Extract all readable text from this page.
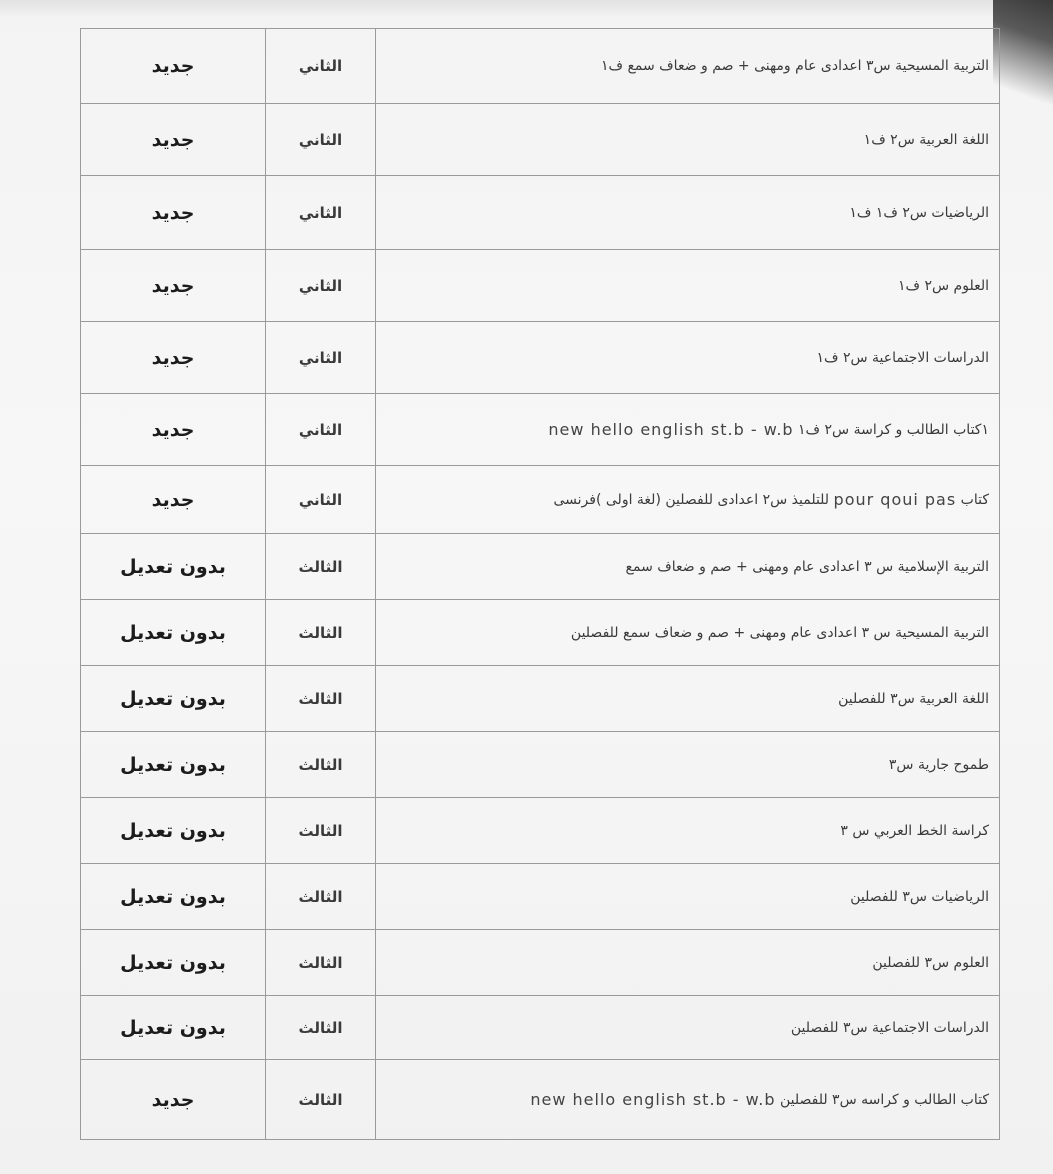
التربية المسيحية س٣ اعدادى عام ومهنى + صم و ضعاف سمع ف١
الثاني
جديد
اللغة العربية س٢ ف١
الثاني
جديد
الرياضيات س٢ ف١ ف١
الثاني
جديد
العلوم س٢ ف١
الثاني
جديد
الدراسات الاجتماعية س٢ ف١
الثاني
جديد
١كتاب الطالب و كراسة س٢ ف١

new hello english st.b - w.b
الثاني
جديد
كتاب

pour qoui pas

للتلميذ س٢ اعدادى للفصلين (لغة اولى )فرنسى
الثاني
جديد
التربية الإسلامية س ٣ اعدادى عام ومهنى + صم و ضعاف سمع
الثالث
بدون تعديل
التربية المسيحية س ٣ اعدادى عام ومهنى + صم و ضعاف سمع للفصلين
الثالث
بدون تعديل
اللغة العربية س٣ للفصلين
الثالث
بدون تعديل
طموح جارية س٣
الثالث
بدون تعديل
كراسة الخط العربي س ٣
الثالث
بدون تعديل
الرياضيات س٣ للفصلين
الثالث
بدون تعديل
العلوم س٣ للفصلين
الثالث
بدون تعديل
الدراسات الاجتماعية س٣ للفصلين
الثالث
بدون تعديل
كتاب الطالب و كراسه س٣ للفصلين

new hello english st.b - w.b
الثالث
جديد
